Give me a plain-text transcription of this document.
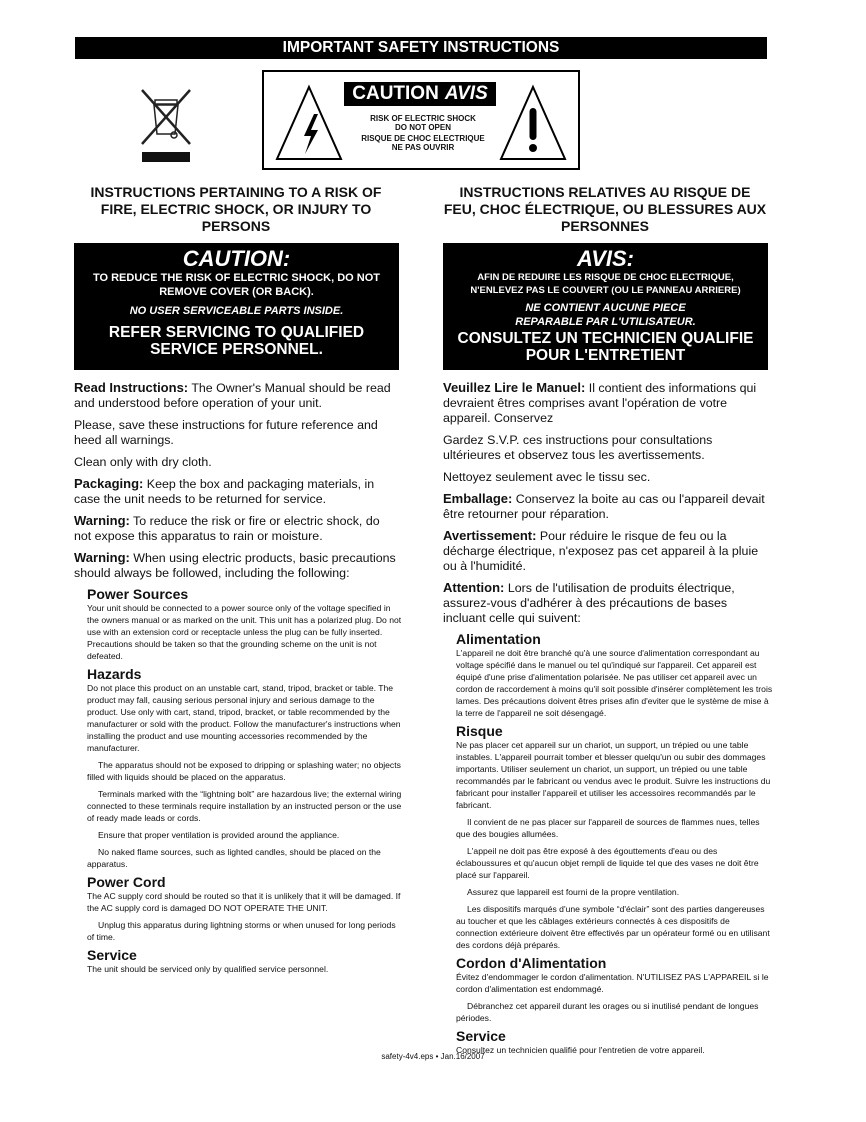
IMPORTANT SAFETY INSTRUCTIONS
CAUTION AVIS
RISK OF ELECTRIC SHOCK
DO NOT OPEN
RISQUE DE CHOC ELECTRIQUE
NE PAS OUVRIR
INSTRUCTIONS PERTAINING TO A RISK OF FIRE, ELECTRIC SHOCK, OR INJURY TO PERSONS
INSTRUCTIONS RELATIVES AU RISQUE DE FEU, CHOC ÉLECTRIQUE, OU BLESSURES AUX PERSONNES
CAUTION:
TO REDUCE THE RISK OF ELECTRIC SHOCK, DO NOT REMOVE COVER (OR BACK).
NO USER SERVICEABLE PARTS INSIDE.
REFER SERVICING TO QUALIFIED SERVICE PERSONNEL.
AVIS:
AFIN DE REDUIRE LES RISQUE DE CHOC ELECTRIQUE, N'ENLEVEZ PAS LE COUVERT (OU LE PANNEAU ARRIERE)
NE CONTIENT AUCUNE PIECE REPARABLE PAR L'UTILISATEUR.
CONSULTEZ UN TECHNICIEN QUALIFIE POUR L'ENTRETIENT
Read Instructions: The Owner's Manual should be read and understood before operation of your unit.
Please, save these instructions for future reference and heed all warnings.
Clean only with dry cloth.
Packaging: Keep the box and packaging materials, in case the unit needs to be returned for service.
Warning: To reduce the risk or fire or electric shock, do not expose this apparatus to rain or moisture.
Warning: When using electric products, basic precautions should always be followed, including the following:
Power Sources

Your unit should be connected to a power source only of the voltage specified in the owners manual or as marked on the unit. This unit has a polarized plug. Do not use with an extension cord or receptacle unless the plug can be fully inserted. Precautions should be taken so that the grounding scheme on the unit is not defeated.

Hazards

Do not place this product on an unstable cart, stand, tripod, bracket or table. The product may fall, causing serious personal injury and serious damage to the product. Use only with cart, stand, tripod, bracket, or table recommended by the manufacturer or sold with the product. Follow the manufacturer's instructions when installing the product and use mounting accessories recommended by the manufacturer.

The apparatus should not be exposed to dripping or splashing water; no objects filled with liquids should be placed on the apparatus.

Terminals marked with the “lightning bolt” are hazardous live; the external wiring connected to these terminals require installation by an instructed person or the use of ready made leads or cords.

Ensure that proper ventilation is provided around the appliance.

No naked flame sources, such as lighted candles, should be placed on the apparatus.

Power Cord

The AC supply cord should be routed so that it is unlikely that it will be damaged. If the AC supply cord is damaged DO NOT OPERATE THE UNIT.

Unplug this apparatus during lightning storms or when unused for long periods of time.

Service

The unit should be serviced only by qualified service personnel.

Veuillez Lire le Manuel: Il contient des informations qui devraient êtres comprises avant l'opération de votre appareil. Conservez
Gardez S.V.P. ces instructions pour consultations ultérieures et observez tous les avertissements.
Nettoyez seulement avec le tissu sec.
Emballage: Conservez la boite au cas ou l'appareil devait être retourner pour réparation.
Avertissement: Pour réduire le risque de feu ou la décharge électrique, n'exposez pas cet appareil à la pluie ou à l'humidité.
Attention: Lors de l'utilisation de produits électrique, assurez-vous d'adhérer à des précautions de bases incluant celle qui suivent:
Alimentation

L'appareil ne doit être branché qu'à une source d'alimentation correspondant au voltage spécifié dans le manuel ou tel qu'indiqué sur l'appareil. Cet appareil est équipé d'une prise d'alimentation polarisée. Ne pas utiliser cet appareil avec un cordon de raccordement à moins qu'il soit possible d'insérer complètement les trois lames. Des précautions doivent êtres prises afin d'eviter que le système de mise à la terre de l'appareil ne soit désengagé.

Risque

Ne pas placer cet appareil sur un chariot, un support, un trépied ou une table instables. L'appareil pourrait tomber et blesser quelqu'un ou subir des dommages importants. Utiliser seulement un chariot, un support, un trépied ou une table recommandés par le fabricant ou vendus avec le produit. Suivre les instructions du fabricant pour installer l'appareil et utiliser les accessoires recommandés par le fabricant.

Il convient de ne pas placer sur l'appareil de sources de flammes nues, telles que des bougies allumées.

L'appeil ne doit pas être exposé à des égouttements d'eau ou des éclaboussures et qu'aucun objet rempli de liquide tel que des vases ne doit être placé sur l'appareil.

Assurez que lappareil est fourni de la propre ventilation.

Les dispositifs marqués d'une symbole “d'éclair” sont des parties dangereuses au toucher et que les câblages extérieurs connectés à ces dispositifs de connection extérieure doivent être effectivés par un opérateur formé ou en utilisant des cordons déjà préparés.

Cordon d'Alimentation

Évitez d'endommager le cordon d'alimentation. N'UTILISEZ PAS L'APPAREIL si le cordon d'alimentation est endommagé.

Débranchez cet appareil durant les orages ou si inutilisé pendant de longues périodes.

Service

Consultez un technicien qualifié pour l'entretien de votre appareil.

safety-4v4.eps • Jan.16/2007
